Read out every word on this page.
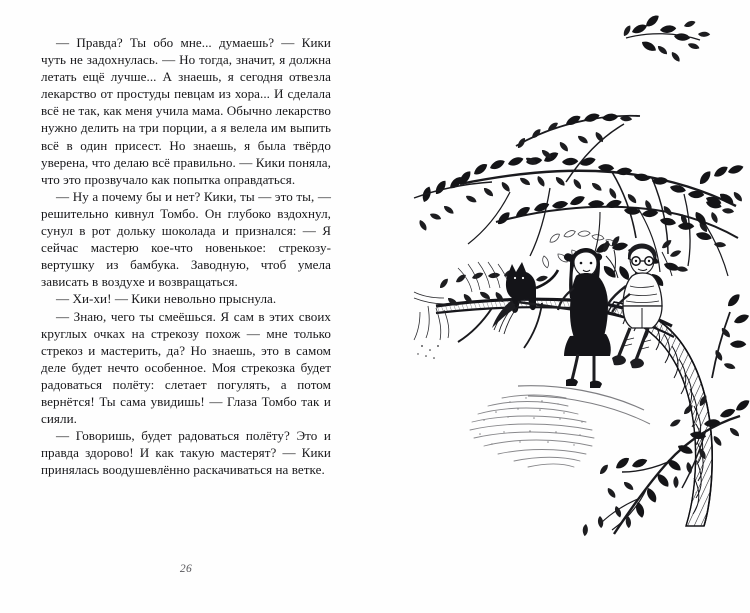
— Правда? Ты обо мне... думаешь? — Кики чуть не задохнулась. — Но тогда, значит, я должна летать ещё лучше... А знаешь, я сегодня отвезла лекарство от простуды певцам из хора... И сделала всё не так, как меня учила мама. Обычно лекарство нужно делить на три порции, а я велела им выпить всё в один присест. Но знаешь, я была твёрдо уверена, что делаю всё правильно. — Кики поняла, что это прозвучало как попытка оправдаться.

— Ну а почему бы и нет? Кики, ты — это ты, — решительно кивнул Томбо. Он глубоко вздохнул, сунул в рот дольку шоколада и признался: — Я сейчас мастерю кое-что новенькое: стрекозу-вертушку из бамбука. Заводную, чтоб умела зависать в воздухе и возвращаться.

— Хи-хи! — Кики невольно прыснула.

— Знаю, чего ты смеёшься. Я сам в этих своих круглых очках на стрекозу похож — мне только стрекоз и мастерить, да? Но знаешь, это в самом деле будет нечто особенное. Моя стрекозка будет радоваться полёту: слетает погулять, а потом вернётся! Ты сама увидишь! — Глаза Томбо так и сияли.

— Говоришь, будет радоваться полёту? Это и правда здорово! И как такую мастерят? — Кики принялась воодушевлённо раскачиваться на ветке.

26
